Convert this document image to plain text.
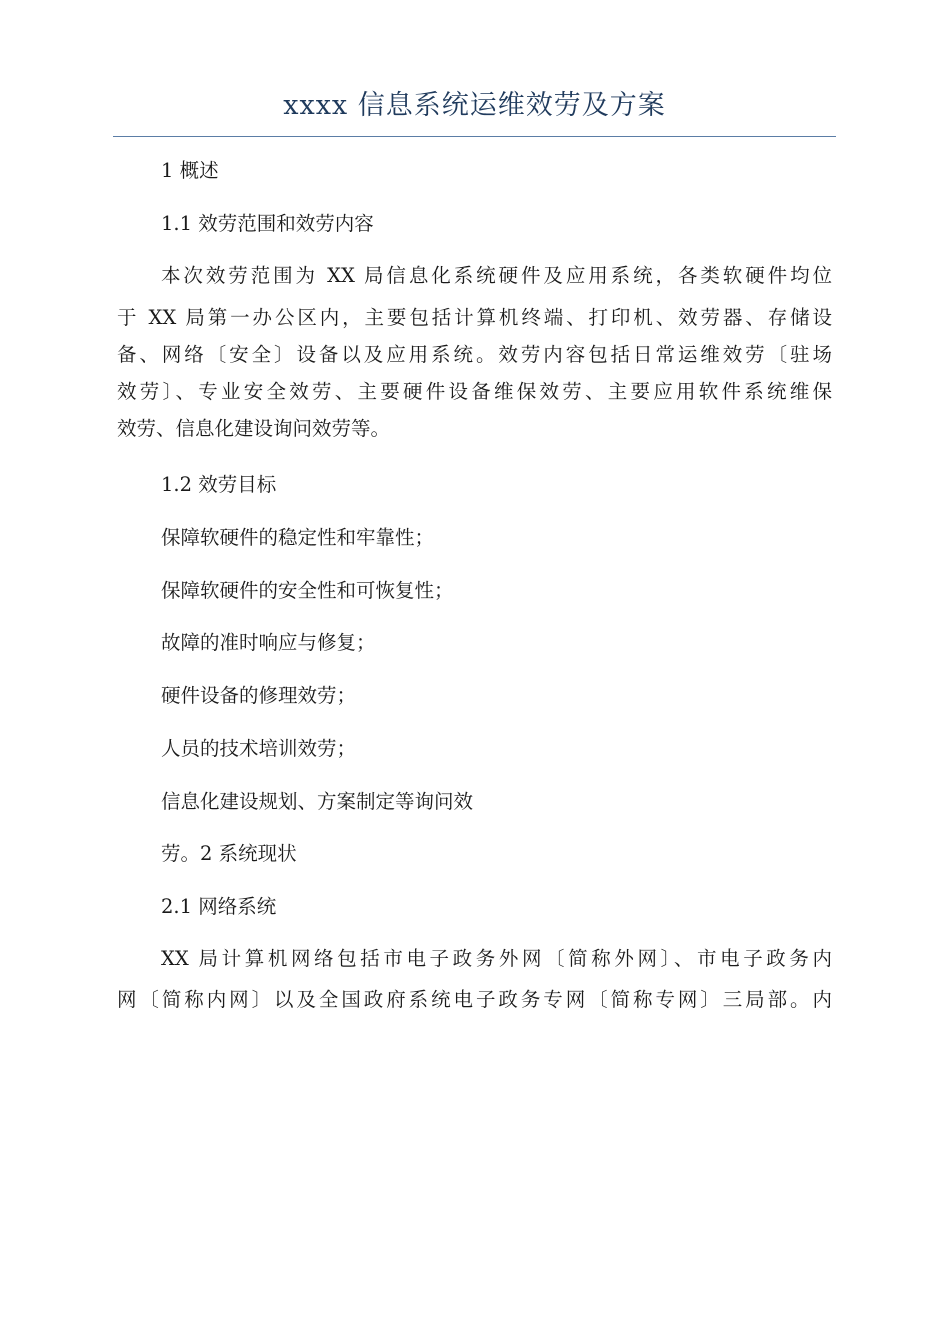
xxxx 信息系统运维效劳及方案

1 概述

1.1 效劳范围和效劳内容

本次效劳范围为 XX 局信息化系统硬件及应用系统，各类软硬件均位

于 XX 局第一办公区内，主要包括计算机终端、打印机、效劳器、存储设

备、网络〔安全〕设备以及应用系统。效劳内容包括日常运维效劳〔驻场

效劳〕、专业安全效劳、主要硬件设备维保效劳、主要应用软件系统维保

效劳、信息化建设询问效劳等。

1.2 效劳目标

保障软硬件的稳定性和牢靠性；

保障软硬件的安全性和可恢复性；

故障的准时响应与修复；

硬件设备的修理效劳；

人员的技术培训效劳；

信息化建设规划、方案制定等询问效

劳。2 系统现状

2.1 网络系统

XX 局计算机网络包括市电子政务外网〔简称外网〕、市电子政务内

网〔简称内网〕以及全国政府系统电子政务专网〔简称专网〕三局部。内
